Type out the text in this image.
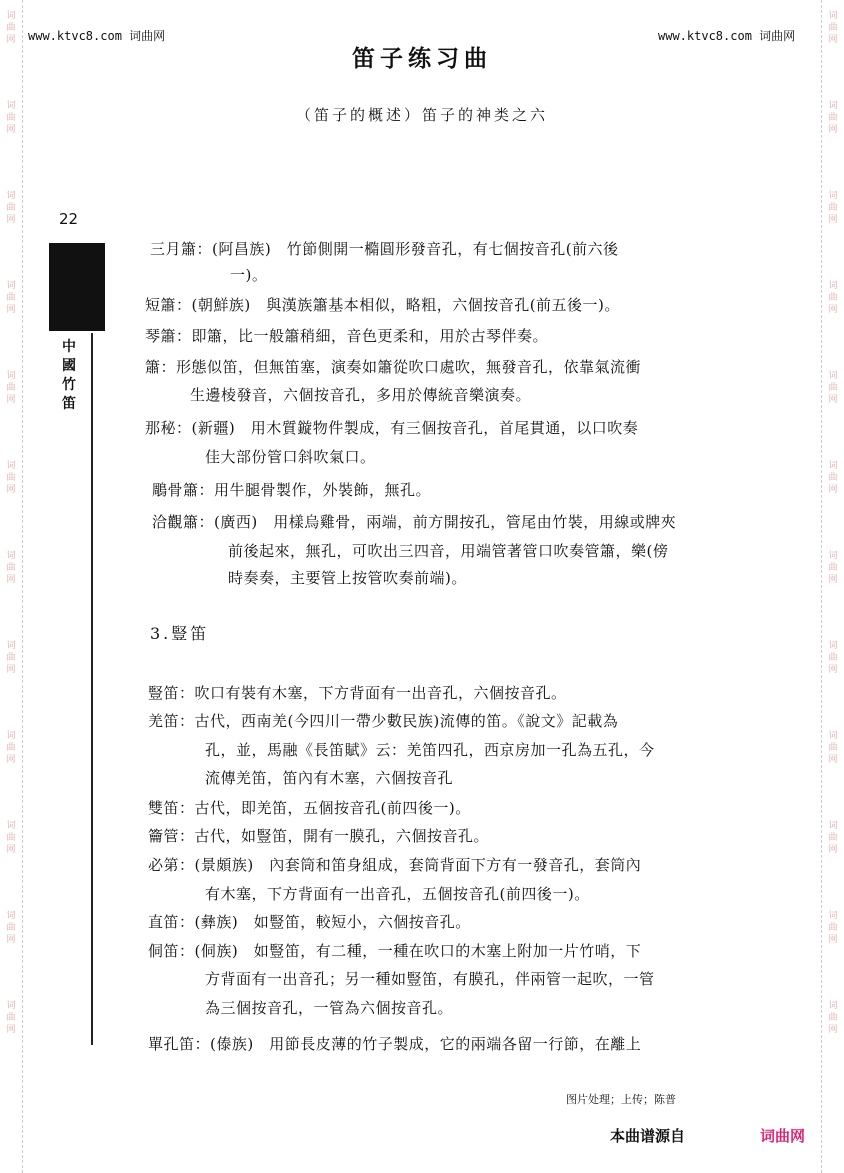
词
曲
网
词
曲
网
词
曲
网
词
曲
网
词
曲
网
词
曲
网
词
曲
网
词
曲
网
词
曲
网
词
曲
网
词
曲
网
词
曲
网
词
曲
网
词
曲
网
词
曲
网
词
曲
网
词
曲
网
词
曲
网
词
曲
网
词
曲
网
词
曲
网
词
曲
网
词
曲
网
词
曲
网
www.ktvc8.com 词曲网	www.ktvc8.com 词曲网
笛子练习曲
（笛子的概述）笛子的神类之六
22
中國竹笛
三月簫：(阿昌族)　竹節側開一橢圓形發音孔，有七個按音孔(前六後
一)。
短簫：(朝鮮族)　與漢族簫基本相似，略粗，六個按音孔(前五後一)。
琴簫：即簫，比一般簫稍細，音色更柔和，用於古琴伴奏。
簫：形態似笛，但無笛塞，演奏如簫從吹口處吹，無發音孔，依靠氣流衝
生邊棱發音，六個按音孔，多用於傳統音樂演奏。
那秘：(新疆)　用木質鏇物件製成，有三個按音孔，首尾貫通，以口吹奏
佳大部份管口斜吹氣口。
鵰骨簫：用牛腿骨製作，外裝飾，無孔。
洽觀簫：(廣西)　用樣烏雞骨，兩端，前方開按孔，管尾由竹裝，用線或牌夾
前後起來，無孔，可吹出三四音，用端管著管口吹奏管簫，樂(傍
時奏奏，主要管上按管吹奏前端)。
3.豎笛
豎笛：吹口有裝有木塞，下方背面有一出音孔，六個按音孔。
羌笛：古代，西南羌(今四川一帶少數民族)流傳的笛。《說文》記載為
孔，並，馬融《長笛賦》云：羌笛四孔，西京房加一孔為五孔，今
流傳羌笛，笛內有木塞，六個按音孔
雙笛：古代，即羌笛，五個按音孔(前四後一)。
籥管：古代，如豎笛，開有一膜孔，六個按音孔。
必第：(景頗族)　內套筒和笛身組成，套筒背面下方有一發音孔，套筒內
有木塞，下方背面有一出音孔，五個按音孔(前四後一)。
直笛：(彝族)　如豎笛，較短小，六個按音孔。
侗笛：(侗族)　如豎笛，有二種，一種在吹口的木塞上附加一片竹哨，下
方背面有一出音孔；另一種如豎笛，有膜孔，伴兩管一起吹，一管
為三個按音孔，一管為六個按音孔。
單孔笛：(傣族)　用節長皮薄的竹子製成，它的兩端各留一行節，在離上
图片处理；上传；陈普
本曲谱源自	词曲网
